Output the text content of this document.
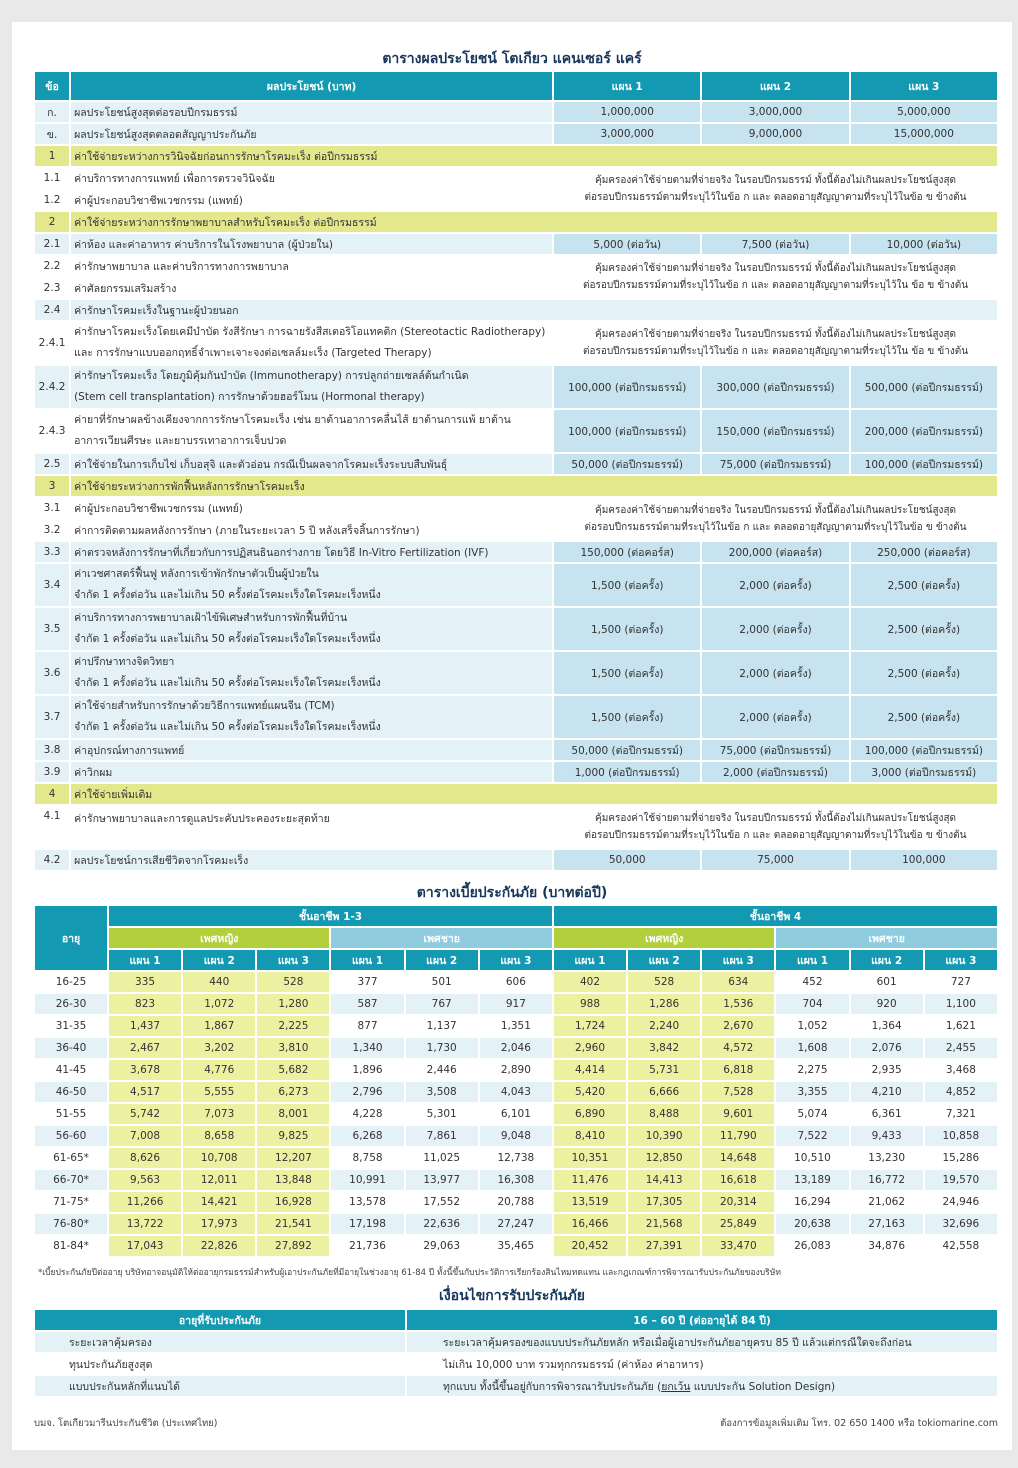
ตารางผลประโยชน์ โตเกียว แคนเซอร์ แคร์
ข้อ	ผลประโยชน์ (บาท)	แผน 1	แผน 2	แผน 3
ก.	ผลประโยชน์สูงสุดต่อรอบปีกรมธรรม์	1,000,000	3,000,000	5,000,000
ข.	ผลประโยชน์สูงสุดตลอดสัญญาประกันภัย	3,000,000	9,000,000	15,000,000
1	ค่าใช้จ่ายระหว่างการวินิจฉัยก่อนการรักษาโรคมะเร็ง ต่อปีกรมธรรม์			
1.1	ค่าบริการทางการแพทย์ เพื่อการตรวจวินิจฉัย	คุ้มครองค่าใช้จ่ายตามที่จ่ายจริง ในรอบปีกรมธรรม์ ทั้งนี้ต้องไม่เกินผลประโยชน์สูงสุด
ต่อรอบปีกรมธรรม์ตามที่ระบุไว้ในข้อ ก และ ตลอดอายุสัญญาตามที่ระบุไว้ในข้อ ข ข้างต้น		
1.2	ค่าผู้ประกอบวิชาชีพเวชกรรม (แพทย์)			
2	ค่าใช้จ่ายระหว่างการรักษาพยาบาลสำหรับโรคมะเร็ง ต่อปีกรมธรรม์			
2.1	ค่าห้อง และค่าอาหาร ค่าบริการในโรงพยาบาล (ผู้ป่วยใน)	5,000 (ต่อวัน)	7,500 (ต่อวัน)	10,000 (ต่อวัน)
2.2	ค่ารักษาพยาบาล และค่าบริการทางการพยาบาล	คุ้มครองค่าใช้จ่ายตามที่จ่ายจริง ในรอบปีกรมธรรม์ ทั้งนี้ต้องไม่เกินผลประโยชน์สูงสุด
ต่อรอบปีกรมธรรม์ตามที่ระบุไว้ในข้อ ก และ ตลอดอายุสัญญาตามที่ระบุไว้ใน ข้อ ข ข้างต้น		
2.3	ค่าศัลยกรรมเสริมสร้าง			
2.4	ค่ารักษาโรคมะเร็งในฐานะผู้ป่วยนอก			
2.4.1	ค่ารักษาโรคมะเร็งโดยเคมีบำบัด รังสีรักษา การฉายรังสีสเตอริโอแทคติก (Stereotactic Radiotherapy)
และ การรักษาแบบออกฤทธิ์จำเพาะเจาะจงต่อเซลล์มะเร็ง (Targeted Therapy)	คุ้มครองค่าใช้จ่ายตามที่จ่ายจริง ในรอบปีกรมธรรม์ ทั้งนี้ต้องไม่เกินผลประโยชน์สูงสุด
ต่อรอบปีกรมธรรม์ตามที่ระบุไว้ในข้อ ก และ ตลอดอายุสัญญาตามที่ระบุไว้ใน ข้อ ข ข้างต้น		
2.4.2	ค่ารักษาโรคมะเร็ง โดยภูมิคุ้มกันบำบัด (Immunotherapy) การปลูกถ่ายเซลล์ต้นกำเนิด
(Stem cell transplantation) การรักษาด้วยฮอร์โมน (Hormonal therapy)	100,000 (ต่อปีกรมธรรม์)	300,000 (ต่อปีกรมธรรม์)	500,000 (ต่อปีกรมธรรม์)
2.4.3	ค่ายาที่รักษาผลข้างเคียงจากการรักษาโรคมะเร็ง เช่น ยาต้านอาการคลื่นไส้ ยาต้านการแพ้ ยาต้าน
อาการเวียนศีรษะ และยาบรรเทาอาการเจ็บปวด	100,000 (ต่อปีกรมธรรม์)	150,000 (ต่อปีกรมธรรม์)	200,000 (ต่อปีกรมธรรม์)
2.5	ค่าใช้จ่ายในการเก็บไข่ เก็บอสุจิ และตัวอ่อน กรณีเป็นผลจากโรคมะเร็งระบบสืบพันธุ์	50,000 (ต่อปีกรมธรรม์)	75,000 (ต่อปีกรมธรรม์)	100,000 (ต่อปีกรมธรรม์)
3	ค่าใช้จ่ายระหว่างการพักฟื้นหลังการรักษาโรคมะเร็ง			
3.1	ค่าผู้ประกอบวิชาชีพเวชกรรม (แพทย์)	คุ้มครองค่าใช้จ่ายตามที่จ่ายจริง ในรอบปีกรมธรรม์ ทั้งนี้ต้องไม่เกินผลประโยชน์สูงสุด
ต่อรอบปีกรมธรรม์ตามที่ระบุไว้ในข้อ ก และ ตลอดอายุสัญญาตามที่ระบุไว้ในข้อ ข ข้างต้น		
3.2	ค่าการติดตามผลหลังการรักษา (ภายในระยะเวลา 5 ปี หลังเสร็จสิ้นการรักษา)			
3.3	ค่าตรวจหลังการรักษาที่เกี่ยวกับการปฏิสนธินอกร่างกาย โดยวิธี In-Vitro Fertilization (IVF)	150,000 (ต่อคอร์ส)	200,000 (ต่อคอร์ส)	250,000 (ต่อคอร์ส)
3.4	ค่าเวชศาสตร์ฟื้นฟู หลังการเข้าพักรักษาตัวเป็นผู้ป่วยใน
จำกัด 1 ครั้งต่อวัน และไม่เกิน 50 ครั้งต่อโรคมะเร็งใดโรคมะเร็งหนึ่ง	1,500 (ต่อครั้ง)	2,000 (ต่อครั้ง)	2,500 (ต่อครั้ง)
3.5	ค่าบริการทางการพยาบาลเฝ้าไข้พิเศษสำหรับการพักฟื้นที่บ้าน
จำกัด 1 ครั้งต่อวัน และไม่เกิน 50 ครั้งต่อโรคมะเร็งใดโรคมะเร็งหนึ่ง	1,500 (ต่อครั้ง)	2,000 (ต่อครั้ง)	2,500 (ต่อครั้ง)
3.6	ค่าปรึกษาทางจิตวิทยา
จำกัด 1 ครั้งต่อวัน และไม่เกิน 50 ครั้งต่อโรคมะเร็งใดโรคมะเร็งหนึ่ง	1,500 (ต่อครั้ง)	2,000 (ต่อครั้ง)	2,500 (ต่อครั้ง)
3.7	ค่าใช้จ่ายสำหรับการรักษาด้วยวิธีการแพทย์แผนจีน (TCM)
จำกัด 1 ครั้งต่อวัน และไม่เกิน 50 ครั้งต่อโรคมะเร็งใดโรคมะเร็งหนึ่ง	1,500 (ต่อครั้ง)	2,000 (ต่อครั้ง)	2,500 (ต่อครั้ง)
3.8	ค่าอุปกรณ์ทางการแพทย์	50,000 (ต่อปีกรมธรรม์)	75,000 (ต่อปีกรมธรรม์)	100,000 (ต่อปีกรมธรรม์)
3.9	ค่าวิกผม	1,000 (ต่อปีกรมธรรม์)	2,000 (ต่อปีกรมธรรม์)	3,000 (ต่อปีกรมธรรม์)
4	ค่าใช้จ่ายเพิ่มเติม			
4.1	ค่ารักษาพยาบาลและการดูแลประคับประคองระยะสุดท้าย	คุ้มครองค่าใช้จ่ายตามที่จ่ายจริง ในรอบปีกรมธรรม์ ทั้งนี้ต้องไม่เกินผลประโยชน์สูงสุด
ต่อรอบปีกรมธรรม์ตามที่ระบุไว้ในข้อ ก และ ตลอดอายุสัญญาตามที่ระบุไว้ในข้อ ข ข้างต้น		
4.2	ผลประโยชน์การเสียชีวิตจากโรคมะเร็ง	50,000	75,000	100,000
ตารางเบี้ยประกันภัย (บาทต่อปี)
อายุ	ชั้นอาชีพ 1-3						ชั้นอาชีพ 4					
	เพศหญิง			เพศชาย			เพศหญิง			เพศชาย		
	แผน 1	แผน 2	แผน 3	แผน 1	แผน 2	แผน 3	แผน 1	แผน 2	แผน 3	แผน 1	แผน 2	แผน 3
16-25	335	440	528	377	501	606	402	528	634	452	601	727
26-30	823	1,072	1,280	587	767	917	988	1,286	1,536	704	920	1,100
31-35	1,437	1,867	2,225	877	1,137	1,351	1,724	2,240	2,670	1,052	1,364	1,621
36-40	2,467	3,202	3,810	1,340	1,730	2,046	2,960	3,842	4,572	1,608	2,076	2,455
41-45	3,678	4,776	5,682	1,896	2,446	2,890	4,414	5,731	6,818	2,275	2,935	3,468
46-50	4,517	5,555	6,273	2,796	3,508	4,043	5,420	6,666	7,528	3,355	4,210	4,852
51-55	5,742	7,073	8,001	4,228	5,301	6,101	6,890	8,488	9,601	5,074	6,361	7,321
56-60	7,008	8,658	9,825	6,268	7,861	9,048	8,410	10,390	11,790	7,522	9,433	10,858
61-65*	8,626	10,708	12,207	8,758	11,025	12,738	10,351	12,850	14,648	10,510	13,230	15,286
66-70*	9,563	12,011	13,848	10,991	13,977	16,308	11,476	14,413	16,618	13,189	16,772	19,570
71-75*	11,266	14,421	16,928	13,578	17,552	20,788	13,519	17,305	20,314	16,294	21,062	24,946
76-80*	13,722	17,973	21,541	17,198	22,636	27,247	16,466	21,568	25,849	20,638	27,163	32,696
81-84*	17,043	22,826	27,892	21,736	29,063	35,465	20,452	27,391	33,470	26,083	34,876	42,558
*เบี้ยประกันภัยปีต่ออายุ บริษัทอาจอนุมัติให้ต่ออายุกรมธรรม์สำหรับผู้เอาประกันภัยที่มีอายุในช่วงอายุ 61-84 ปี ทั้งนี้ขึ้นกับประวัติการเรียกร้องสินไหมทดแทน และกฎเกณฑ์การพิจารณารับประกันภัยของบริษัท
เงื่อนไขการรับประกันภัย
อายุที่รับประกันภัย	16 – 60 ปี (ต่ออายุได้ 84 ปี)
ระยะเวลาคุ้มครอง	ระยะเวลาคุ้มครองของแบบประกันภัยหลัก หรือเมื่อผู้เอาประกันภัยอายุครบ 85 ปี แล้วแต่กรณีใดจะถึงก่อน
ทุนประกันภัยสูงสุด	ไม่เกิน 10,000 บาท รวมทุกกรมธรรม์ (ค่าห้อง ค่าอาหาร)
แบบประกันหลักที่แนบได้	ทุกแบบ ทั้งนี้ขึ้นอยู่กับการพิจารณารับประกันภัย (ยกเว้น แบบประกัน Solution Design)
บมจ. โตเกียวมารีนประกันชีวิต (ประเทศไทย)	ต้องการข้อมูลเพิ่มเติม โทร. 02 650 1400 หรือ tokiomarine.com
